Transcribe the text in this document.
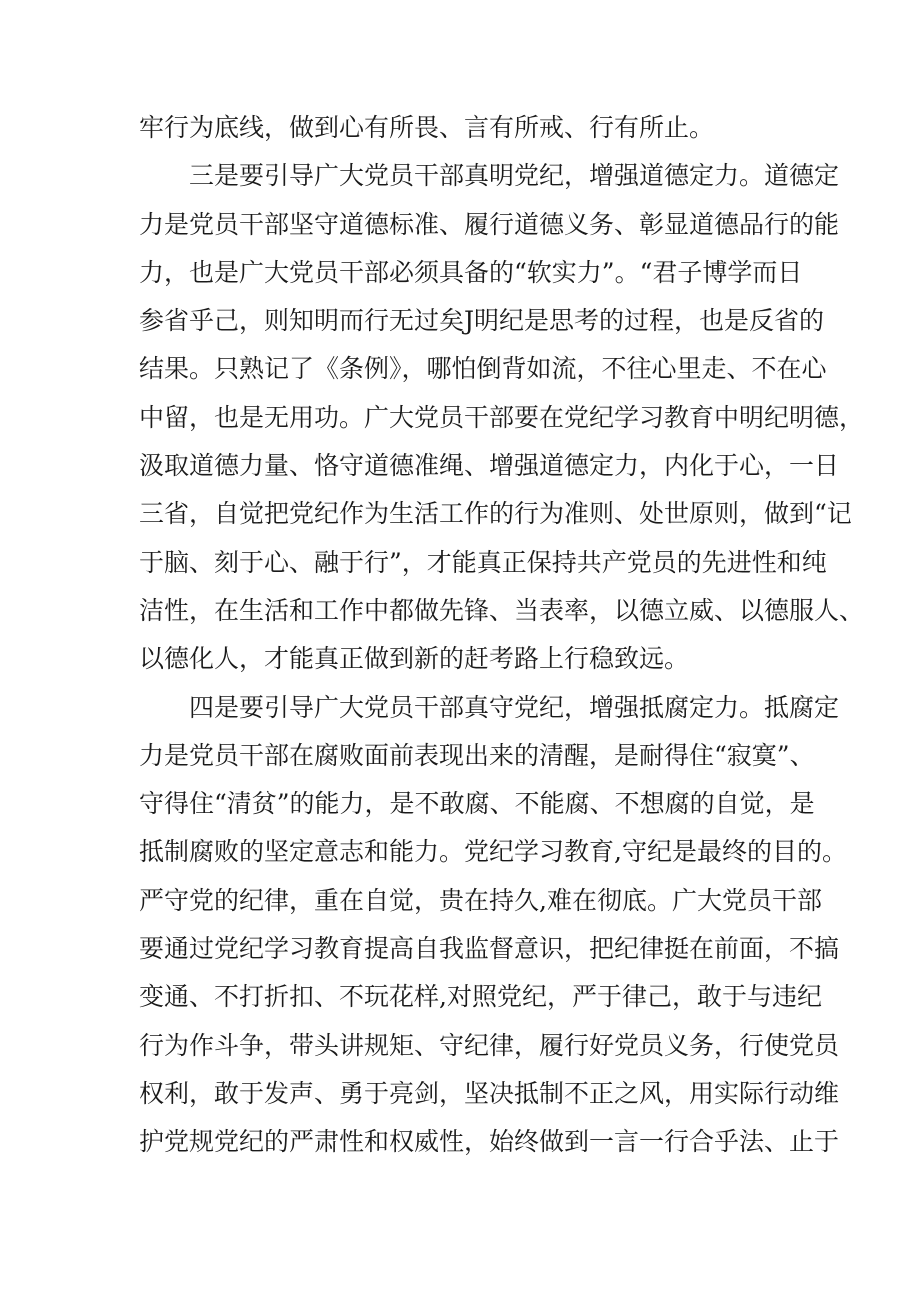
牢行为底线，做到心有所畏、言有所戒、行有所止。
三是要引导广大党员干部真明党纪，增强道德定力。道德定
力是党员干部坚守道德标准、履行道德义务、彰显道德品行的能
力，也是广大党员干部必须具备的“软实力”。“君子博学而日
参省乎己，则知明而行无过矣J明纪是思考的过程，也是反省的
结果。只熟记了《条例》，哪怕倒背如流，不往心里走、不在心
中留，也是无用功。广大党员干部要在党纪学习教育中明纪明德，
汲取道德力量、恪守道德准绳、增强道德定力，内化于心，一日
三省，自觉把党纪作为生活工作的行为准则、处世原则，做到“记
于脑、刻于心、融于行”，才能真正保持共产党员的先进性和纯
洁性，在生活和工作中都做先锋、当表率，以德立威、以德服人、
以德化人，才能真正做到新的赶考路上行稳致远。
四是要引导广大党员干部真守党纪，增强抵腐定力。抵腐定
力是党员干部在腐败面前表现出来的清醒，是耐得住“寂寞”、
守得住“清贫”的能力，是不敢腐、不能腐、不想腐的自觉，是
抵制腐败的坚定意志和能力。党纪学习教育,守纪是最终的目的。
严守党的纪律，重在自觉，贵在持久,难在彻底。广大党员干部
要通过党纪学习教育提高自我监督意识，把纪律挺在前面，不搞
变通、不打折扣、不玩花样,对照党纪，严于律己，敢于与违纪
行为作斗争，带头讲规矩、守纪律，履行好党员义务，行使党员
权利，敢于发声、勇于亮剑，坚决抵制不正之风，用实际行动维
护党规党纪的严肃性和权威性，始终做到一言一行合乎法、止于
